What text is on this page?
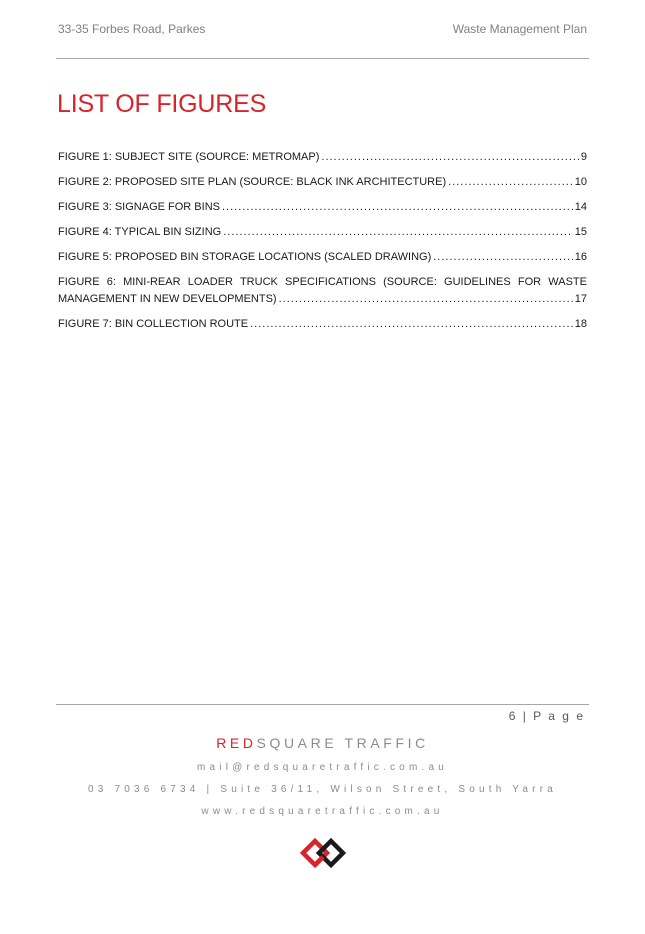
33-35 Forbes Road, Parkes	Waste Management Plan
LIST OF FIGURES
FIGURE 1: SUBJECT SITE (SOURCE: METROMAP) .....	9
FIGURE 2: PROPOSED SITE PLAN (SOURCE: BLACK INK ARCHITECTURE) .....	10
FIGURE 3: SIGNAGE FOR BINS .....	14
FIGURE 4: TYPICAL BIN SIZING .....	15
FIGURE 5: PROPOSED BIN STORAGE LOCATIONS (SCALED DRAWING) .....	16
FIGURE 6: MINI-REAR LOADER TRUCK SPECIFICATIONS (SOURCE: GUIDELINES FOR WASTE
MANAGEMENT IN NEW DEVELOPMENTS) .....	17
FIGURE 7: BIN COLLECTION ROUTE .....	18
6 | P a g e
REDSQUARE TRAFFIC
mail@redsquaretraffic.com.au
03 7036 6734 | Suite 36/11, Wilson Street, South Yarra
www.redsquaretraffic.com.au
